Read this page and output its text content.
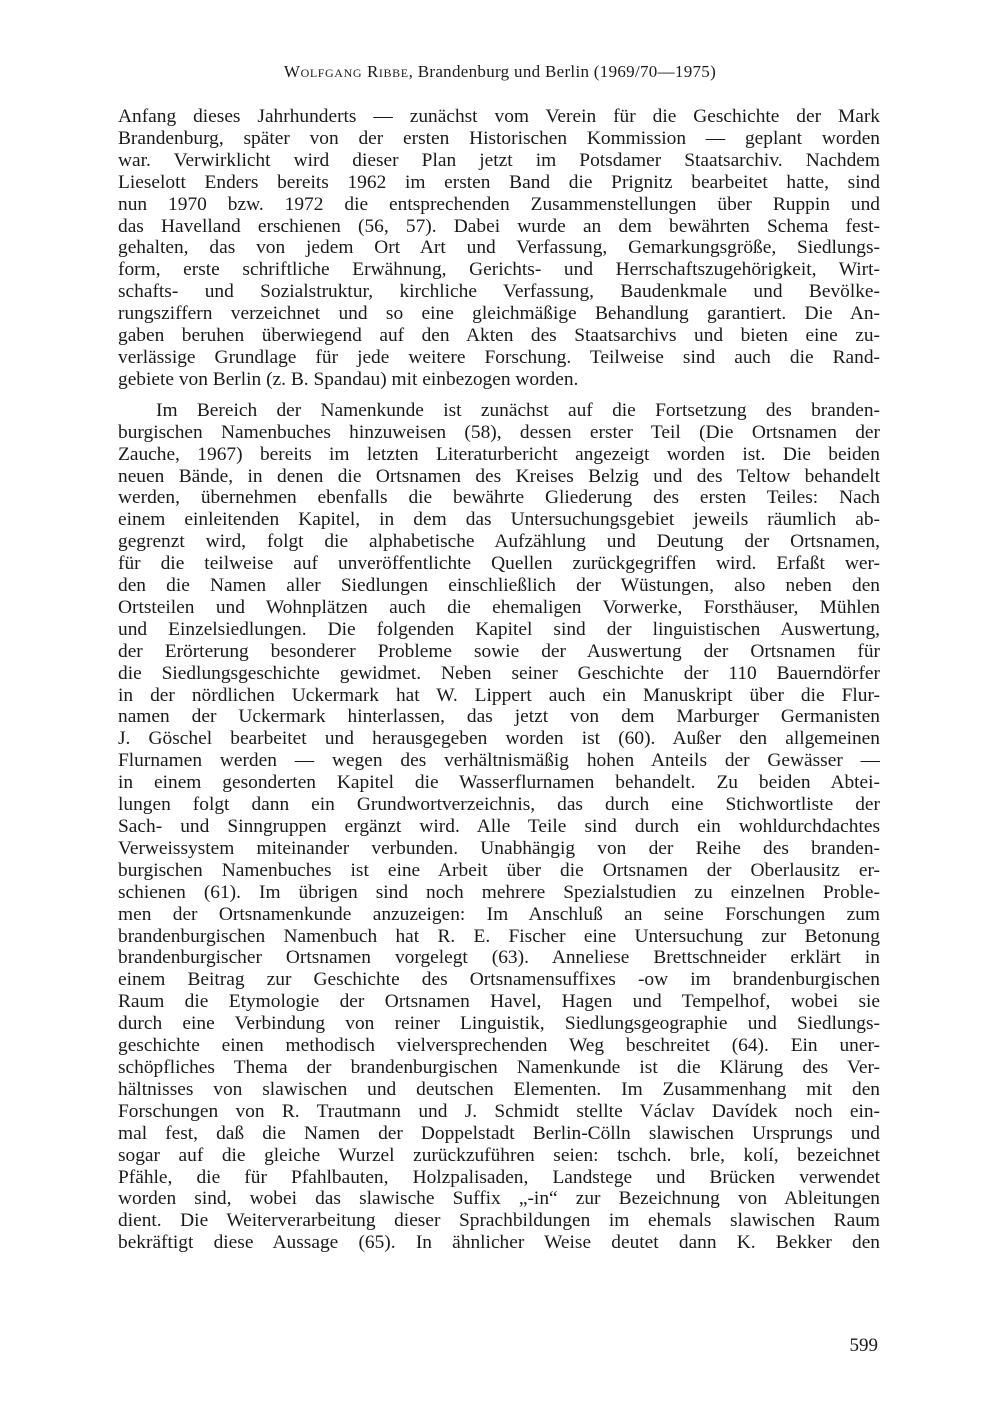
Wolfgang Ribbe, Brandenburg und Berlin (1969/70—1975)

Anfang dieses Jahrhunderts — zunächst vom Verein für die Geschichte der Mark
Brandenburg, später von der ersten Historischen Kommission — geplant worden
war. Verwirklicht wird dieser Plan jetzt im Potsdamer Staatsarchiv. Nachdem
Lieselott Enders bereits 1962 im ersten Band die Prignitz bearbeitet hatte, sind
nun 1970 bzw. 1972 die entsprechenden Zusammenstellungen über Ruppin und
das Havelland erschienen (56, 57). Dabei wurde an dem bewährten Schema fest-
gehalten, das von jedem Ort Art und Verfassung, Gemarkungsgröße, Siedlungs-
form, erste schriftliche Erwähnung, Gerichts- und Herrschaftszugehörigkeit, Wirt-
schafts- und Sozialstruktur, kirchliche Verfassung, Baudenkmale und Bevölke-
rungsziffern verzeichnet und so eine gleichmäßige Behandlung garantiert. Die An-
gaben beruhen überwiegend auf den Akten des Staatsarchivs und bieten eine zu-
verlässige Grundlage für jede weitere Forschung. Teilweise sind auch die Rand-
gebiete von Berlin (z. B. Spandau) mit einbezogen worden.

Im Bereich der Namenkunde ist zunächst auf die Fortsetzung des branden-
burgischen Namenbuches hinzuweisen (58), dessen erster Teil (Die Ortsnamen der
Zauche, 1967) bereits im letzten Literaturbericht angezeigt worden ist. Die beiden
neuen Bände, in denen die Ortsnamen des Kreises Belzig und des Teltow behandelt
werden, übernehmen ebenfalls die bewährte Gliederung des ersten Teiles: Nach
einem einleitenden Kapitel, in dem das Untersuchungsgebiet jeweils räumlich ab-
gegrenzt wird, folgt die alphabetische Aufzählung und Deutung der Ortsnamen,
für die teilweise auf unveröffentlichte Quellen zurückgegriffen wird. Erfaßt wer-
den die Namen aller Siedlungen einschließlich der Wüstungen, also neben den
Ortsteilen und Wohnplätzen auch die ehemaligen Vorwerke, Forsthäuser, Mühlen
und Einzelsiedlungen. Die folgenden Kapitel sind der linguistischen Auswertung,
der Erörterung besonderer Probleme sowie der Auswertung der Ortsnamen für
die Siedlungsgeschichte gewidmet. Neben seiner Geschichte der 110 Bauerndörfer
in der nördlichen Uckermark hat W. Lippert auch ein Manuskript über die Flur-
namen der Uckermark hinterlassen, das jetzt von dem Marburger Germanisten
J. Göschel bearbeitet und herausgegeben worden ist (60). Außer den allgemeinen
Flurnamen werden — wegen des verhältnismäßig hohen Anteils der Gewässer —
in einem gesonderten Kapitel die Wasserflurnamen behandelt. Zu beiden Abtei-
lungen folgt dann ein Grundwortverzeichnis, das durch eine Stichwortliste der
Sach- und Sinngruppen ergänzt wird. Alle Teile sind durch ein wohldurchdachtes
Verweissystem miteinander verbunden. Unabhängig von der Reihe des branden-
burgischen Namenbuches ist eine Arbeit über die Ortsnamen der Oberlausitz er-
schienen (61). Im übrigen sind noch mehrere Spezialstudien zu einzelnen Proble-
men der Ortsnamenkunde anzuzeigen: Im Anschluß an seine Forschungen zum
brandenburgischen Namenbuch hat R. E. Fischer eine Untersuchung zur Betonung
brandenburgischer Ortsnamen vorgelegt (63). Anneliese Brettschneider erklärt in
einem Beitrag zur Geschichte des Ortsnamensuffixes -ow im brandenburgischen
Raum die Etymologie der Ortsnamen Havel, Hagen und Tempelhof, wobei sie
durch eine Verbindung von reiner Linguistik, Siedlungsgeographie und Siedlungs-
geschichte einen methodisch vielversprechenden Weg beschreitet (64). Ein uner-
schöpfliches Thema der brandenburgischen Namenkunde ist die Klärung des Ver-
hältnisses von slawischen und deutschen Elementen. Im Zusammenhang mit den
Forschungen von R. Trautmann und J. Schmidt stellte Václav Davídek noch ein-
mal fest, daß die Namen der Doppelstadt Berlin-Cölln slawischen Ursprungs und
sogar auf die gleiche Wurzel zurückzuführen seien: tschch. brle, kolí, bezeichnet
Pfähle, die für Pfahlbauten, Holzpalisaden, Landstege und Brücken verwendet
worden sind, wobei das slawische Suffix „-in“ zur Bezeichnung von Ableitungen
dient. Die Weiterverarbeitung dieser Sprachbildungen im ehemals slawischen Raum
bekräftigt diese Aussage (65). In ähnlicher Weise deutet dann K. Bekker den

599
